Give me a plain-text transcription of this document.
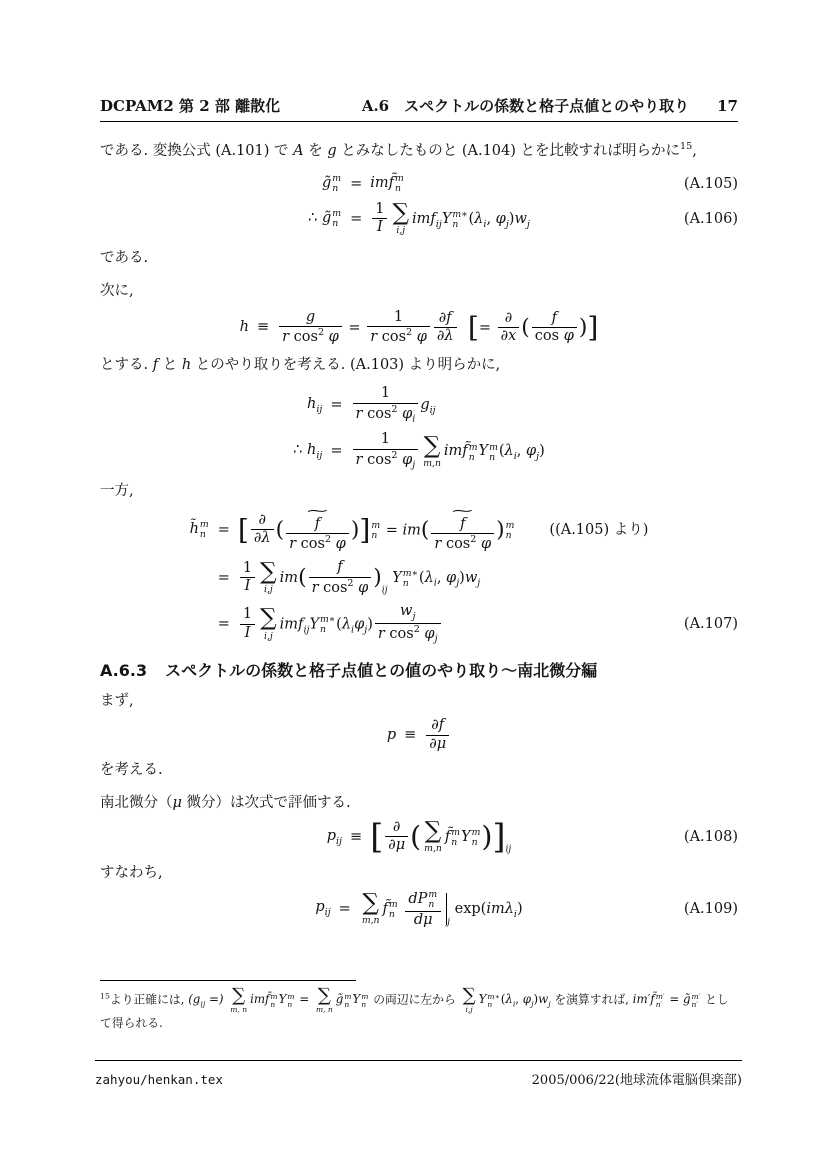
DCPAM2 第 2 部 離散化	A.6　スペクトルの係数と格子点値とのやり取り 17

である. 変換公式 (A.101) で A を g とみなしたものと (A.104) とを比較すれば明らかに$^{15}$,

g̃ m
n = imf̃ m
n	(A.105)
∴ g̃ m
$n = \frac{1}{I}$ ∑
i,j
imf$_{ij}$Y m∗
n ($\lambda_i$, $\varphi_j)w_j$	(A.106)

である.

次に,

$h \equiv \frac{g}{r \cos^2 \varphi} = \frac{1}{r \cos^2 \varphi} \frac{\partial f}{\partial\lambda}$ [=
∂
∂x ( $\frac{f}{\text{cos φ}}$ )]

とする. f と h とのやり取りを考える. (A.103) より明らかに,

$h_{ij} = \frac{1}{r \cos^2 \varphi_i} g_{ij}$
∴ $h_{ij} = \frac{1}{r \cos^2 \varphi_j}$ ∑
m,n
imf̃ m
n Y m
n ($\lambda_i$, $\varphi_j$)

一方,

h̃ m
n = [ ∂
∂λ (
∼
$\frac{f}{r \cos^2 \varphi}$ )] m
n = im(
∼
$\frac{f}{r \cos^2 \varphi}$ ) m
n	((A.105) より)
= $\frac{1}{I}$ ∑
i,j
$im( \frac{f}{r \cos^2 \varphi} )_{ij}$ Y m∗
n ($\lambda_i$, $\varphi_j)w_j$
= $\frac{1}{I}$ ∑
i,j
imf$_{ij}$Y m∗
n $(\lambda_i\varphi_j) \frac{w_j}{r \cos^2 \varphi_j}$	(A.107)
A.6.3 スペクトルの係数と格子点値との値のやり取り〜南北微分編

まず,

$p \equiv \frac{\partial f}{\partial\mu}$

を考える.

南北微分（μ 微分）は次式で評価する.

$p_{ij}$ ≡ [ ∂
∂μ ( ∑
m,n
f̃ m
n Y m
n )]$_{ij}$
(A.108)

すなわち,

$p_{ij}$ = ∑
m,n
f̃ m
n

dP m
n
dμ	$_j$ exp(imλ$_i$)	(A.109)

$^{15}$より正確には, ($g_{ij}$ =) ∑
m, n
imf̃ m
n Y m
n = ∑
m, n
g̃ m
n Y m
n の両辺に左から ∑
i,j
Y m∗
n ($\lambda_i$, $\varphi_j)w_j$ を演算すれば, im′f̃ m′
n′ = g̃ m′
n′ として得られる.

zahyou/henkan.tex	2005/006/22(地球流体電脳倶楽部)
